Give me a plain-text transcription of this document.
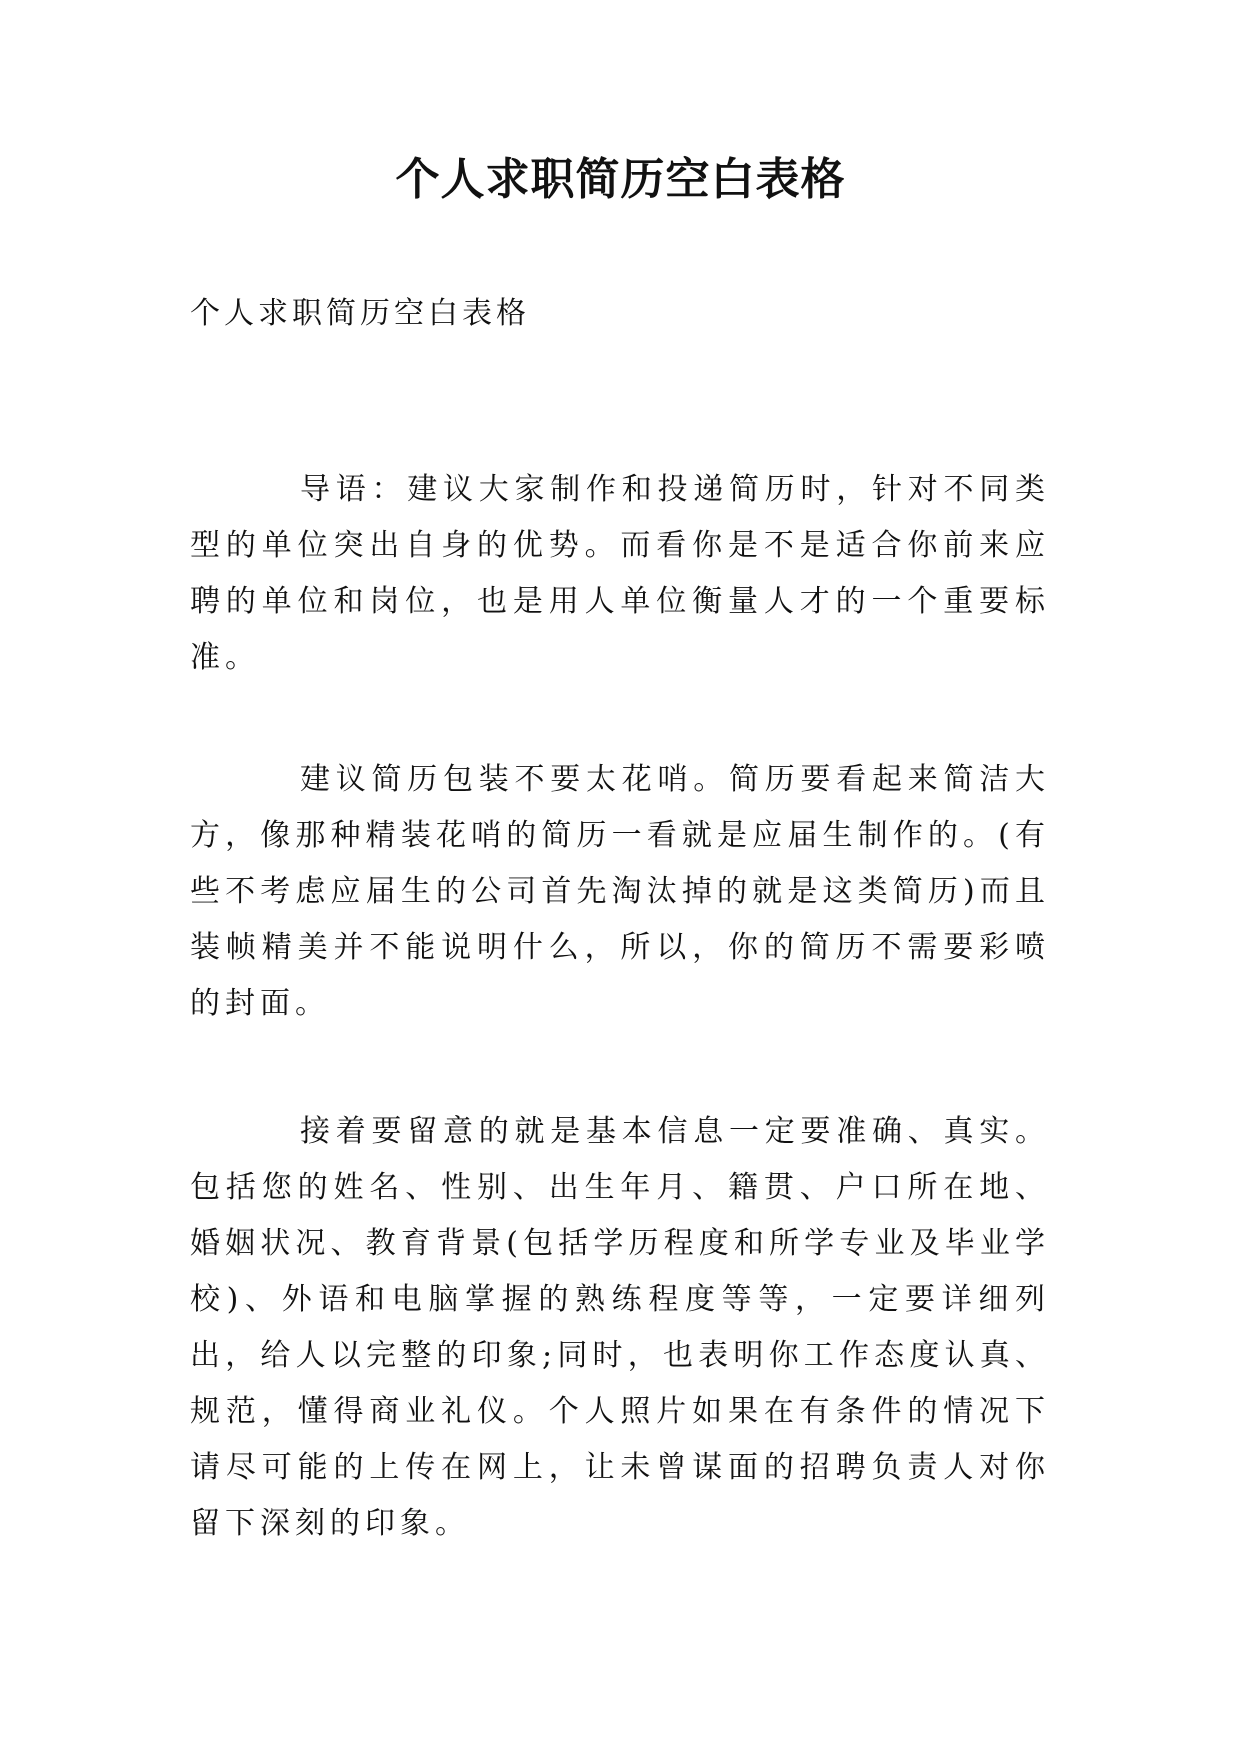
个人求职简历空白表格

个人求职简历空白表格

导语：建议大家制作和投递简历时，针对不同类型的单位突出自身的优势。而看你是不是适合你前来应聘的单位和岗位，也是用人单位衡量人才的一个重要标准。

建议简历包装不要太花哨。简历要看起来简洁大方，像那种精装花哨的简历一看就是应届生制作的。(有些不考虑应届生的公司首先淘汰掉的就是这类简历)而且装帧精美并不能说明什么，所以，你的简历不需要彩喷的封面。

接着要留意的就是基本信息一定要准确、真实。包括您的姓名、性别、出生年月、籍贯、户口所在地、婚姻状况、教育背景(包括学历程度和所学专业及毕业学校)、外语和电脑掌握的熟练程度等等，一定要详细列出，给人以完整的印象;同时，也表明你工作态度认真、规范，懂得商业礼仪。个人照片如果在有条件的情况下请尽可能的上传在网上，让未曾谋面的招聘负责人对你留下深刻的印象。
